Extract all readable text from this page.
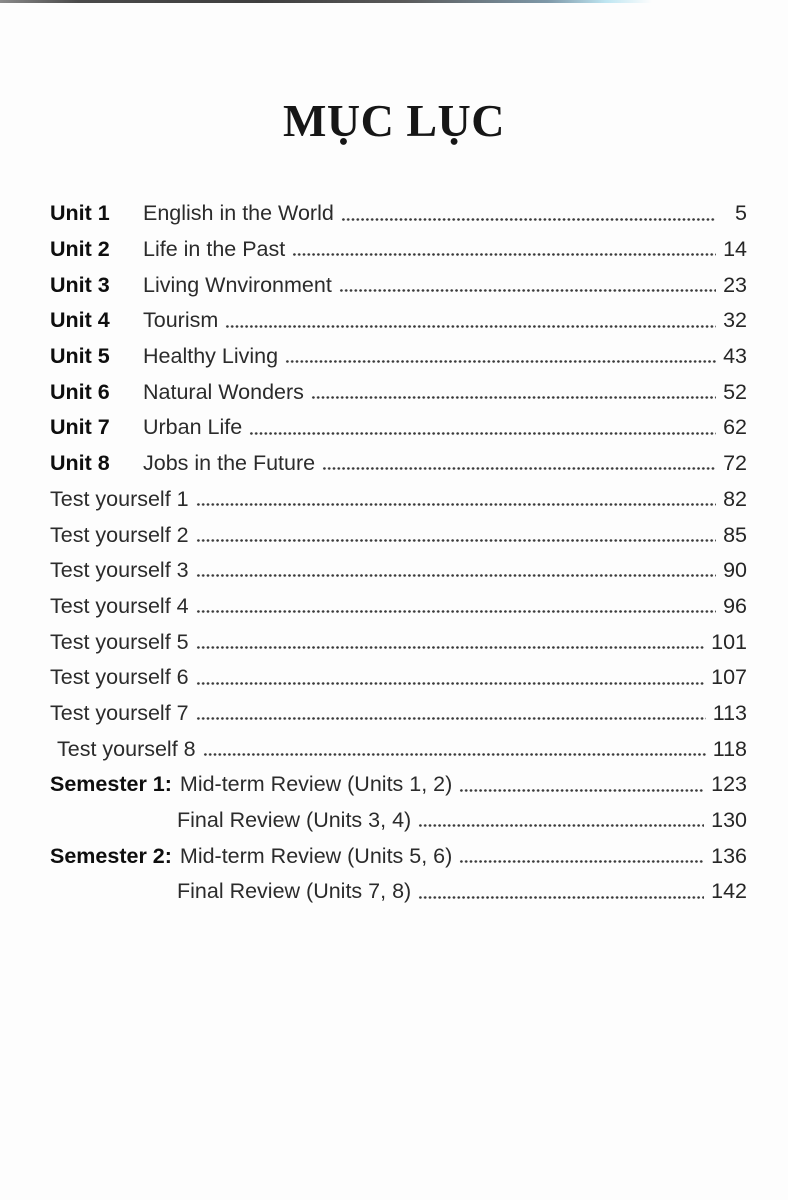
MỤC LỤC
Unit 1	English in the World	5
Unit 2	Life in the Past	14
Unit 3	Living Wnvironment	23
Unit 4	Tourism	32
Unit 5	Healthy Living	43
Unit 6	Natural Wonders	52
Unit 7	Urban Life	62
Unit 8	Jobs in the Future	72
Test yourself 1	82
Test yourself 2	85
Test yourself 3	90
Test yourself 4	96
Test yourself 5	101
Test yourself 6	107
Test yourself 7	113
Test yourself 8	118
Semester 1: Mid-term Review (Units 1, 2)	123
Final Review (Units 3, 4)	130
Semester 2: Mid-term Review (Units 5, 6)	136
Final Review (Units 7, 8)	142
